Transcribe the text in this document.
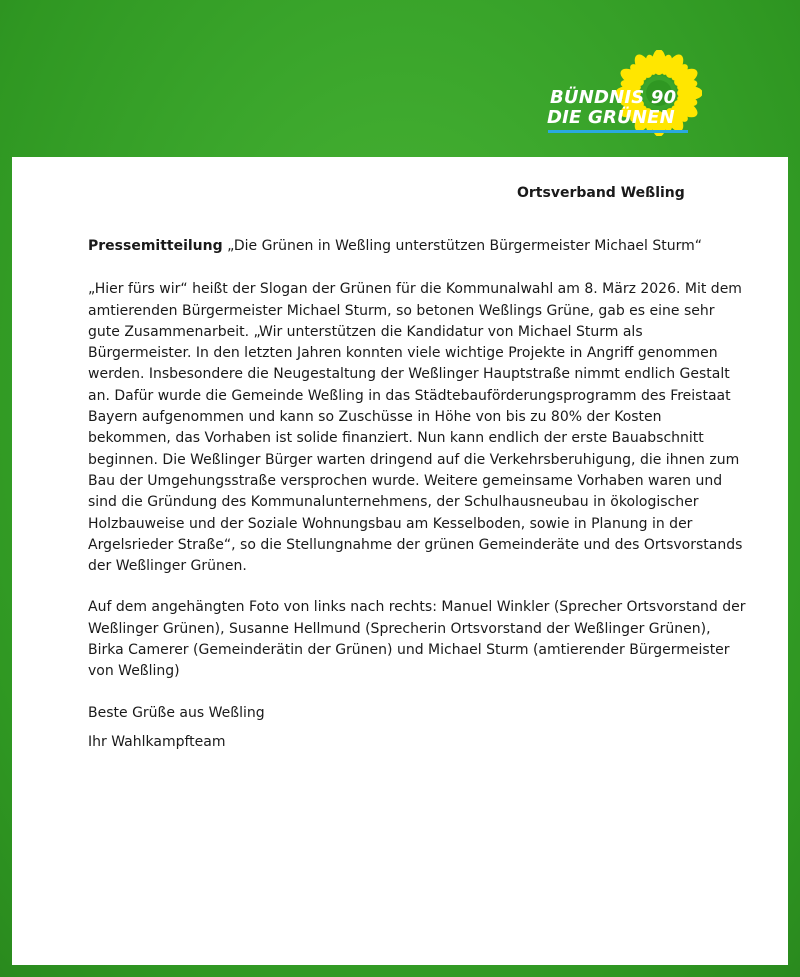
BÜNDNIS 90
DIE GRÜNEN
Ortsverband Weßling

Pressemitteilung „Die Grünen in Weßling unterstützen Bürgermeister Michael Sturm“

„Hier fürs wir“ heißt der Slogan der Grünen für die Kommunalwahl am 8. März 2026. Mit dem amtierenden Bürgermeister Michael Sturm, so betonen Weßlings Grüne, gab es eine sehr gute Zusammenarbeit. „Wir unterstützen die Kandidatur von Michael Sturm als Bürgermeister. In den letzten Jahren konnten viele wichtige Projekte in Angriff genommen werden. Insbesondere die Neugestaltung der Weßlinger Hauptstraße nimmt endlich Gestalt an. Dafür wurde die Gemeinde Weßling in das Städtebauförderungsprogramm des Freistaat Bayern aufgenommen und kann so Zuschüsse in Höhe von bis zu 80% der Kosten bekommen, das Vorhaben ist solide finanziert. Nun kann endlich der erste Bauabschnitt beginnen. Die Weßlinger Bürger warten dringend auf die Verkehrsberuhigung, die ihnen zum Bau der Umgehungsstraße versprochen wurde. Weitere gemeinsame Vorhaben waren und sind die Gründung des Kommunalunternehmens, der Schulhausneubau in ökologischer Holzbauweise und der Soziale Wohnungsbau am Kesselboden, sowie in Planung in der Argelsrieder Straße“, so die Stellungnahme der grünen Gemeinderäte und des Ortsvorstands der Weßlinger Grünen.

Auf dem angehängten Foto von links nach rechts: Manuel Winkler (Sprecher Ortsvorstand der Weßlinger Grünen), Susanne Hellmund (Sprecherin Ortsvorstand der Weßlinger Grünen), Birka Camerer (Gemeinderätin der Grünen) und Michael Sturm (amtierender Bürgermeister von Weßling)

Beste Grüße aus Weßling

Ihr Wahlkampfteam
